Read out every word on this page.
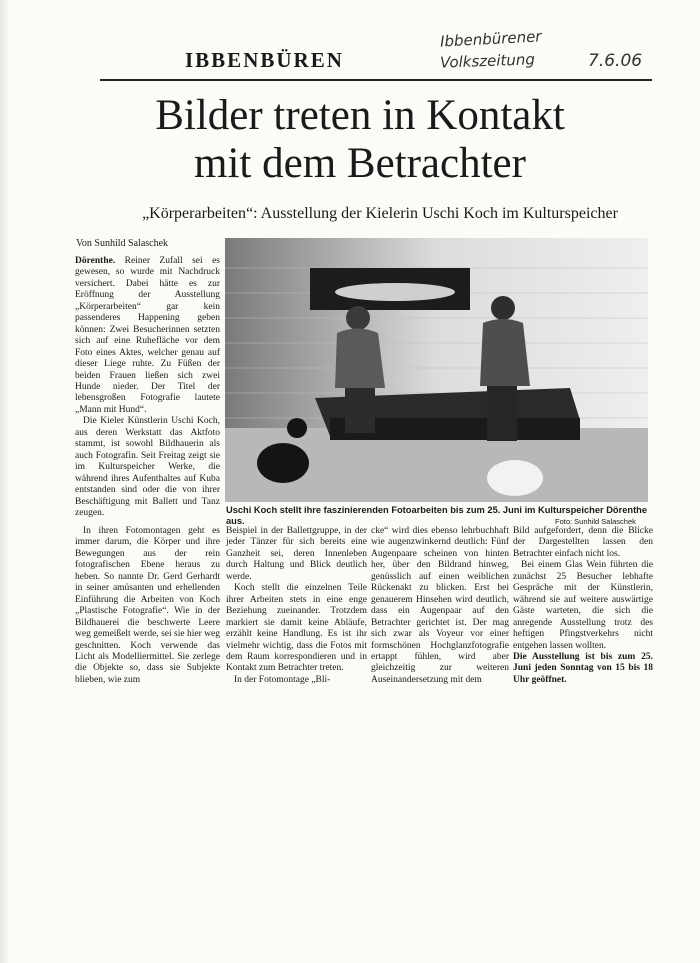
IBBENBÜREN
Ibbenbürener
Volkszeitung	7.6.06
Bilder treten in Kontakt
mit dem Betrachter
„Körperarbeiten“: Ausstellung der Kielerin Uschi Koch im Kulturspeicher
Von Sunhild Salaschek

Dörenthe. Reiner Zufall sei es gewesen, so wurde mit Nachdruck versichert. Dabei hätte es zur Eröffnung der Ausstellung „Körperarbeiten“ gar kein passenderes Happening geben können: Zwei Besucherinnen setzten sich auf eine Ruhefläche vor dem Foto eines Aktes, welcher genau auf dieser Liege ruhte. Zu Füßen der beiden Frauen ließen sich zwei Hunde nieder. Der Titel der lebensgroßen Fotografie lautete „Mann mit Hund“.

Die Kieler Künstlerin Uschi Koch, aus deren Werkstatt das Aktfoto stammt, ist sowohl Bildhauerin als auch Fotografin. Seit Freitag zeigt sie im Kulturspeicher Werke, die während ihres Aufenthaltes auf Kuba entstanden sind oder die von ihrer Beschäftigung mit Ballett und Tanz zeugen.	Uschi Koch stellt ihre faszinierenden Fotoarbeiten bis zum 25. Juni im Kulturspeicher Dörenthe aus.	Foto: Sunhild Salaschek

In ihren Fotomontagen geht es immer darum, die Körper und ihre Bewegungen aus der rein fotografischen Ebene heraus zu heben. So nannte Dr. Gerd Gerhardt in seiner amüsanten und erhellenden Einführung die Arbeiten von Koch „Plastische Fotografie“. Wie in der Bildhauerei die beschwerte Leere weg gemeißelt werde, sei sie hier weg geschnitten. Koch verwende das Licht als Modelliermittel. Sie zerlege die Objekte so, dass sie Subjekte blieben, wie zum

Beispiel in der Ballettgruppe, in der jeder Tänzer für sich bereits eine Ganzheit sei, deren Innenleben durch Haltung und Blick deutlich werde.

Koch stellt die einzelnen Teile ihrer Arbeiten stets in eine enge Beziehung zueinander. Trotzdem markiert sie damit keine Abläufe, erzählt keine Handlung. Es ist ihr vielmehr wichtig, dass die Fotos mit dem Raum korrespondieren und in Kontakt zum Betrachter treten.

In der Fotomontage „Bli-

cke“ wird dies ebenso lehrbuchhaft wie augenzwinkernd deutlich: Fünf Augenpaare scheinen von hinten her, über den Bildrand hinweg, genüsslich auf einen weiblichen Rückenakt zu blicken. Erst bei genauerem Hinsehen wird deutlich, dass ein Augenpaar auf den Betrachter gerichtet ist. Der mag sich zwar als Voyeur vor einer formschönen Hochglanzfotografie ertappt fühlen, wird aber gleichzeitig zur weiteren Auseinandersetzung mit dem

Bild aufgefordert, denn die Blicke der Dargestellten lassen den Betrachter einfach nicht los.

Bei einem Glas Wein führten die zunächst 25 Besucher lebhafte Gespräche mit der Künstlerin, während sie auf weitere auswärtige Gäste warteten, die sich die anregende Ausstellung trotz des heftigen Pfingstverkehrs nicht entgehen lassen wollten.

Die Ausstellung ist bis zum 25. Juni jeden Sonntag von 15 bis 18 Uhr geöffnet.
